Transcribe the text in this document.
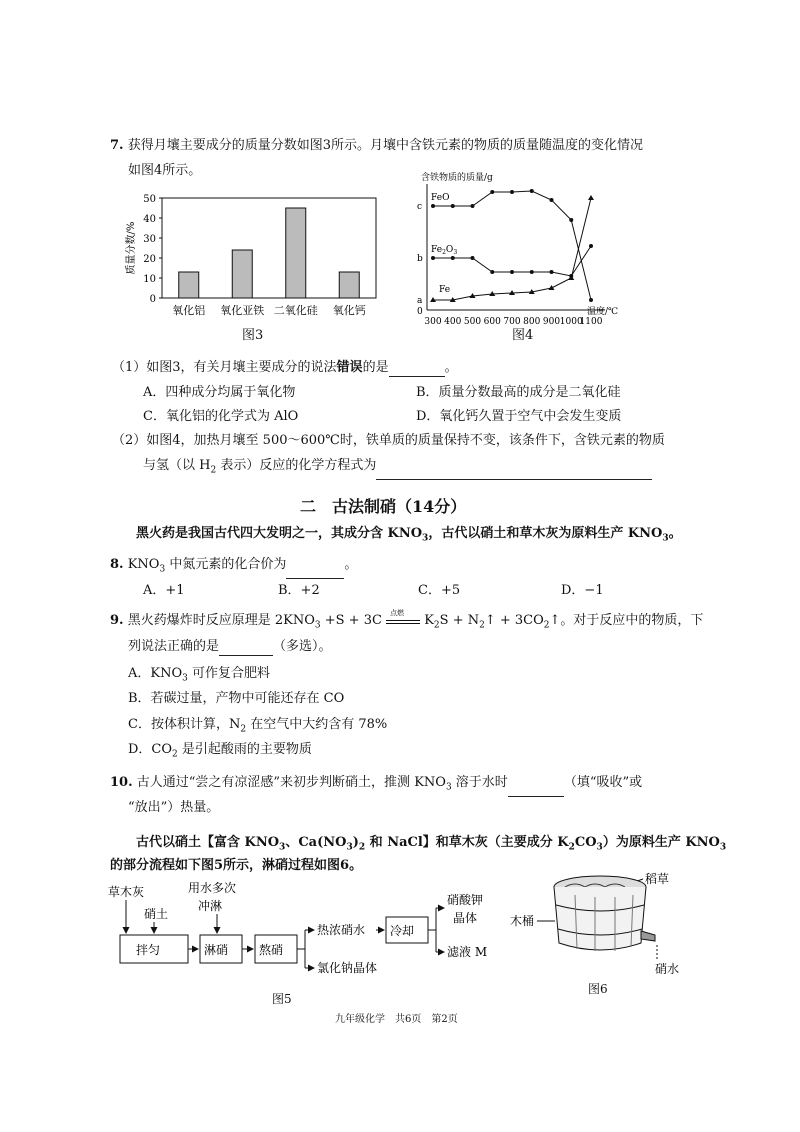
7. 获得月壤主要成分的质量分数如图3所示。月壤中含铁元素的物质的质量随温度的变化情况
如图4所示。
0
10
20
30
40
50
质量分数/%
氧化铝 氧化亚铁 二氧化硅 氧化钙
图3
含铁物质的质量/g
温度/℃
c
b
a
0
300 400 500 600 700 800 900 1000
1100
FeO
$Fe_2O_3$
Fe
图4
（1）如图3，有关月壤主要成分的说法错误的是	。
A．四种成分均属于氧化物	B．质量分数最高的成分是二氧化硅
C．氧化铝的化学式为 AlO	D．氧化钙久置于空气中会发生变质
（2）如图4，加热月壤至 500～600℃时，铁单质的质量保持不变，该条件下，含铁元素的物质
与氢（以 $H_2$ 表示）反应的化学方程式为
二　古法制硝（14分）
黑火药是我国古代四大发明之一，其成分含 $KNO_3$，古代以硝土和草木灰为原料生产 $KNO_3$。
8. $KNO_3$ 中氮元素的化合价为	。
A．+1	B．+2	C．+5	D．−1
9. 黑火药爆炸时反应原理是 $2KNO_3 +S + 3C$ 点燃 $K_2S$ + $N_2↑$ + $3CO_2↑$。对于反应中的物质，下
列说法正确的是	（多选）。
A．$KNO_3$ 可作复合肥料
B．若碳过量，产物中可能还存在 CO
C．按体积计算，$N_2$ 在空气中大约含有 78%
D．$CO_2$ 是引起酸雨的主要物质
10. 古人通过“尝之有凉涩感”来初步判断硝土，推测 $KNO_3$ 溶于水时	（填“吸收”或
“放出”）热量。
古代以硝土【富含 $KNO_3$、$Ca(NO_3)_2$ 和 NaCl】和草木灰（主要成分 $K_2CO_3$）为原料生产 $KNO_3$
的部分流程如下图5所示，淋硝过程如图6。
草木灰
硝土
拌匀
用水多次
冲淋
淋硝	熬硝
热浓硝水
氯化钠晶体
冷却
硝酸钾
晶体
滤液 M
图5
稻草
木桶
硝水
图6
九年级化学　共6页　第2页
